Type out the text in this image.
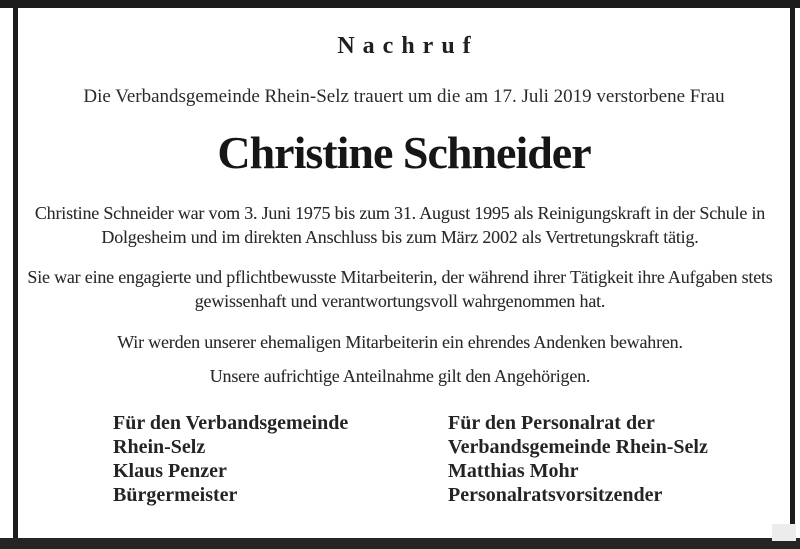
Nachruf
Die Verbandsgemeinde Rhein-Selz trauert um die am 17. Juli 2019 verstorbene Frau
Christine Schneider
Christine Schneider war vom 3. Juni 1975 bis zum 31. August 1995 als Reinigungskraft in der Schule in Dolgesheim und im direkten Anschluss bis zum März 2002 als Vertretungskraft tätig.
Sie war eine engagierte und pflichtbewusste Mitarbeiterin, der während ihrer Tätigkeit ihre Aufgaben stets gewissenhaft und verantwortungsvoll wahrgenommen hat.
Wir werden unserer ehemaligen Mitarbeiterin ein ehrendes Andenken bewahren.
Unsere aufrichtige Anteilnahme gilt den Angehörigen.
Für den Verbandsgemeinde
Rhein-Selz
Klaus Penzer
Bürgermeister
Für den Personalrat der
Verbandsgemeinde Rhein-Selz
Matthias Mohr
Personalratsvorsitzender
